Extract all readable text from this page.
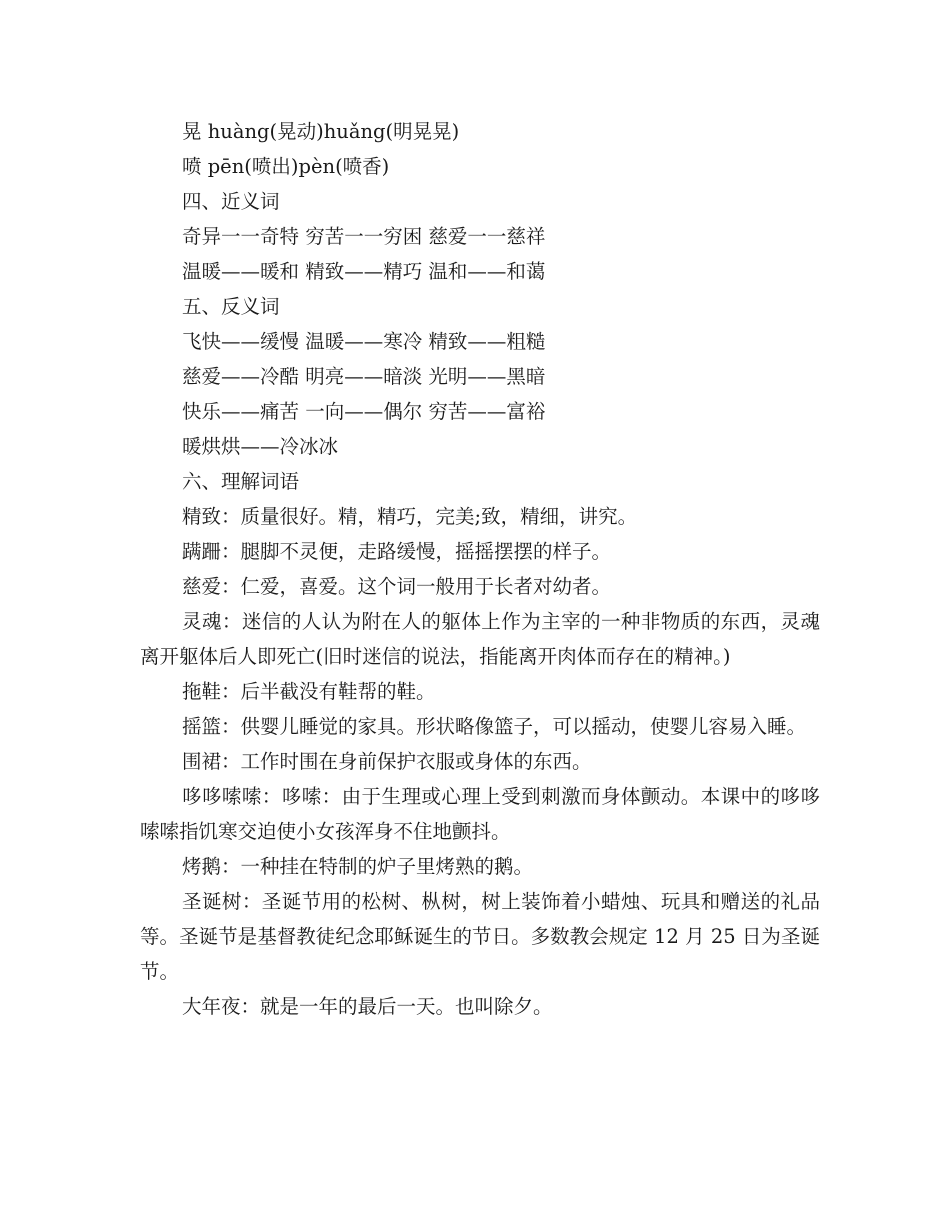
晃 huàng(晃动)huǎng(明晃晃)

喷 pēn(喷出)pèn(喷香)

四、近义词

奇异一一奇特 穷苦一一穷困 慈爱一一慈祥

温暖——暖和 精致——精巧 温和——和蔼

五、反义词

飞快——缓慢 温暖——寒冷 精致——粗糙

慈爱——冷酷 明亮——暗淡 光明——黑暗

快乐——痛苦 一向——偶尔 穷苦——富裕

暖烘烘——冷冰冰

六、理解词语

精致：质量很好。精，精巧，完美;致，精细，讲究。

蹒跚：腿脚不灵便，走路缓慢，摇摇摆摆的样子。

慈爱：仁爱，喜爱。这个词一般用于长者对幼者。

灵魂：迷信的人认为附在人的躯体上作为主宰的一种非物质的东西，灵魂离开躯体后人即死亡(旧时迷信的说法，指能离开肉体而存在的精神。)

拖鞋：后半截没有鞋帮的鞋。

摇篮：供婴儿睡觉的家具。形状略像篮子，可以摇动，使婴儿容易入睡。

围裙：工作时围在身前保护衣服或身体的东西。

哆哆嗦嗦：哆嗦：由于生理或心理上受到刺激而身体颤动。本课中的哆哆嗦嗦指饥寒交迫使小女孩浑身不住地颤抖。

烤鹅：一种挂在特制的炉子里烤熟的鹅。

圣诞树：圣诞节用的松树、枞树，树上装饰着小蜡烛、玩具和赠送的礼品等。圣诞节是基督教徒纪念耶稣诞生的节日。多数教会规定 12 月 25 日为圣诞节。

大年夜：就是一年的最后一天。也叫除夕。
